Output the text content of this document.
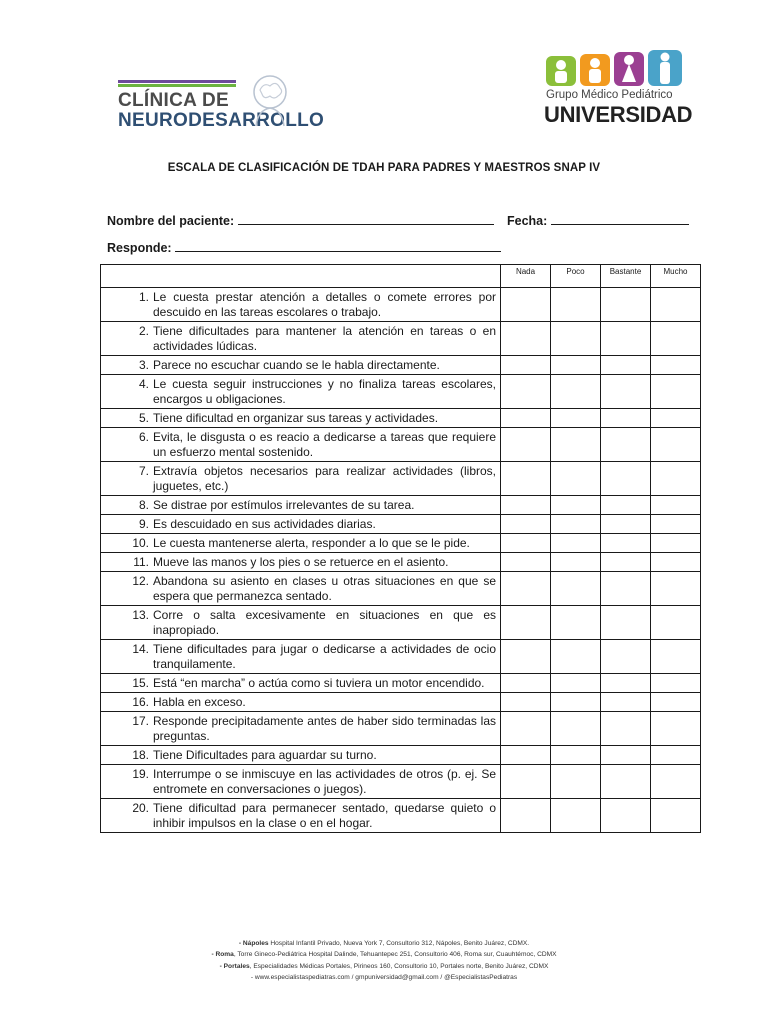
CLÍNICA DE
NEURODESARROLLO
Grupo Médico Pediátrico
UNIVERSIDAD
ESCALA DE CLASIFICACIÓN DE TDAH PARA PADRES Y MAESTROS SNAP IV
Nombre del paciente:	Fecha:
Responde:
	Nada	Poco	Bastante	Mucho

1. Le cuesta prestar atención a detalles o comete errores por descuido en las tareas escolares o trabajo.				

2. Tiene dificultades para mantener la atención en tareas o en actividades lúdicas.				

3. Parece no escuchar cuando se le habla directamente.				

4. Le cuesta seguir instrucciones y no finaliza tareas escolares, encargos u obligaciones.				

5. Tiene dificultad en organizar sus tareas y actividades.				

6. Evita, le disgusta o es reacio a dedicarse a tareas que requiere un esfuerzo mental sostenido.				

7. Extravía objetos necesarios para realizar actividades (libros, juguetes, etc.)				

8. Se distrae por estímulos irrelevantes de su tarea.				

9. Es descuidado en sus actividades diarias.				

10. Le cuesta mantenerse alerta, responder a lo que se le pide.				

11. Mueve las manos y los pies o se retuerce en el asiento.				

12. Abandona su asiento en clases u otras situaciones en que se espera que permanezca sentado.				

13. Corre o salta excesivamente en situaciones en que es inapropiado.				

14. Tiene dificultades para jugar o dedicarse a actividades de ocio tranquilamente.				

15. Está “en marcha” o actúa como si tuviera un motor encendido.				

16. Habla en exceso.				

17. Responde precipitadamente antes de haber sido terminadas las preguntas.				

18. Tiene Dificultades para aguardar su turno.				

19. Interrumpe o se inmiscuye en las actividades de otros (p. ej. Se entromete en conversaciones o juegos).				

20. Tiene dificultad para permanecer sentado, quedarse quieto o inhibir impulsos en la clase o en el hogar.				

- Nápoles Hospital Infantil Privado, Nueva York 7, Consultorio 312, Nápoles, Benito Juárez, CDMX.
- Roma, Torre Gineco-Pediátrica Hospital Dalinde, Tehuantepec 251, Consultorio 406, Roma sur, Cuauhtémoc, CDMX
- Portales, Especialidades Médicas Portales, Pirineos 160, Consultorio 10, Portales norte, Benito Juárez, CDMX
- www.especialistaspediatras.com / gmpuniversidad@gmail.com / @EspecialistasPediatras
